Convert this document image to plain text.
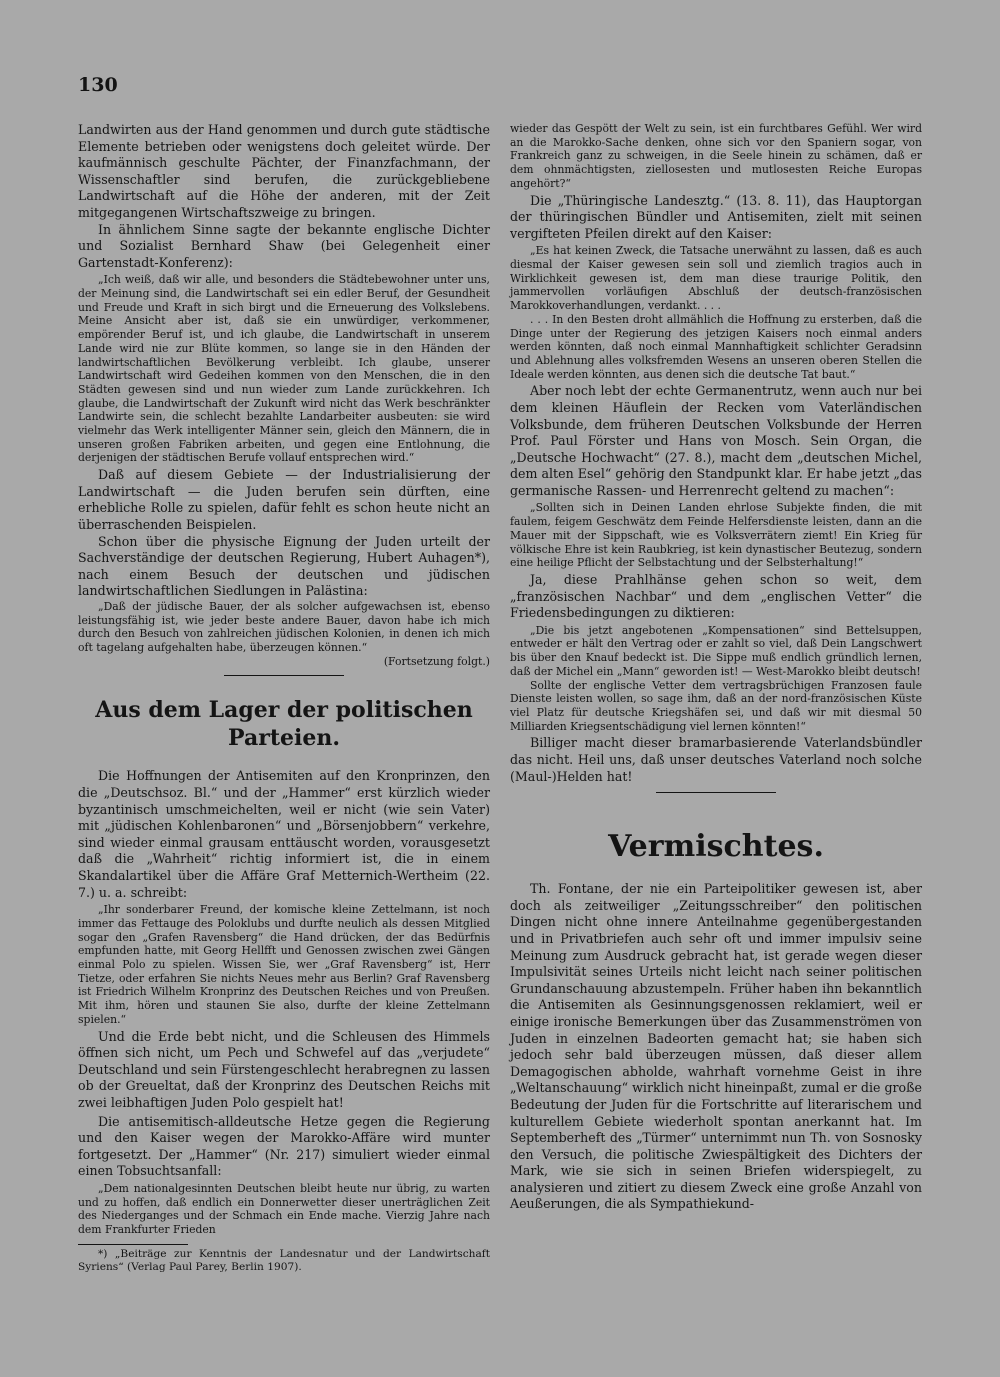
130

Landwirten aus der Hand genommen und durch gute städtische Elemente betrieben oder wenigstens doch geleitet würde. Der kaufmännisch geschulte Pächter, der Finanzfachmann, der Wissenschaftler sind berufen, die zurückgebliebene Landwirtschaft auf die Höhe der anderen, mit der Zeit mitgegangenen Wirtschaftszweige zu bringen.

In ähnlichem Sinne sagte der bekannte englische Dichter und Sozialist Bernhard Shaw (bei Gelegenheit einer Gartenstadt-Konferenz):

„Ich weiß, daß wir alle, und besonders die Städtebewohner unter uns, der Meinung sind, die Landwirtschaft sei ein edler Beruf, der Gesundheit und Freude und Kraft in sich birgt und die Erneuerung des Volkslebens. Meine Ansicht aber ist, daß sie ein unwürdiger, verkommener, empörender Beruf ist, und ich glaube, die Landwirtschaft in unserem Lande wird nie zur Blüte kommen, so lange sie in den Händen der landwirtschaftlichen Bevölkerung verbleibt. Ich glaube, unserer Landwirtschaft wird Gedeihen kommen von den Menschen, die in den Städten gewesen sind und nun wieder zum Lande zurückkehren. Ich glaube, die Landwirtschaft der Zukunft wird nicht das Werk beschränkter Landwirte sein, die schlecht bezahlte Landarbeiter ausbeuten: sie wird vielmehr das Werk intelligenter Männer sein, gleich den Männern, die in unseren großen Fabriken arbeiten, und gegen eine Entlohnung, die derjenigen der städtischen Berufe vollauf entsprechen wird.“

Daß auf diesem Gebiete — der Industrialisierung der Landwirtschaft — die Juden berufen sein dürften, eine erhebliche Rolle zu spielen, dafür fehlt es schon heute nicht an überraschenden Beispielen.

Schon über die physische Eignung der Juden urteilt der Sachverständige der deutschen Regierung, Hubert Auhagen*), nach einem Besuch der deutschen und jüdischen landwirtschaftlichen Siedlungen in Palästina:

„Daß der jüdische Bauer, der als solcher aufgewachsen ist, ebenso leistungsfähig ist, wie jeder beste andere Bauer, davon habe ich mich durch den Besuch von zahlreichen jüdischen Kolonien, in denen ich mich oft tagelang aufgehalten habe, überzeugen können.“

(Fortsetzung folgt.)

Aus dem Lager der politischen Parteien.

Die Hoffnungen der Antisemiten auf den Kronprinzen, den die „Deutschsoz. Bl.“ und der „Hammer“ erst kürzlich wieder byzantinisch umschmeichelten, weil er nicht (wie sein Vater) mit „jüdischen Kohlenbaronen“ und „Börsenjobbern“ verkehre, sind wieder einmal grausam enttäuscht worden, vorausgesetzt daß die „Wahrheit“ richtig informiert ist, die in einem Skandalartikel über die Affäre Graf Metternich-Wertheim (22. 7.) u. a. schreibt:

„Ihr sonderbarer Freund, der komische kleine Zettelmann, ist noch immer das Fettauge des Poloklubs und durfte neulich als dessen Mitglied sogar den „Grafen Ravensberg“ die Hand drücken, der das Bedürfnis empfunden hatte, mit Georg Hellfft und Genossen zwischen zwei Gängen einmal Polo zu spielen. Wissen Sie, wer „Graf Ravensberg“ ist, Herr Tietze, oder erfahren Sie nichts Neues mehr aus Berlin? Graf Ravensberg ist Friedrich Wilhelm Kronprinz des Deutschen Reiches und von Preußen. Mit ihm, hören und staunen Sie also, durfte der kleine Zettelmann spielen.“

Und die Erde bebt nicht, und die Schleusen des Himmels öffnen sich nicht, um Pech und Schwefel auf das „verjudete“ Deutschland und sein Fürstengeschlecht herabregnen zu lassen ob der Greueltat, daß der Kronprinz des Deutschen Reichs mit zwei leibhaftigen Juden Polo gespielt hat!

Die antisemitisch-alldeutsche Hetze gegen die Regierung und den Kaiser wegen der Marokko-Affäre wird munter fortgesetzt. Der „Hammer“ (Nr. 217) simuliert wieder einmal einen Tobsuchtsanfall:

„Dem nationalgesinnten Deutschen bleibt heute nur übrig, zu warten und zu hoffen, daß endlich ein Donnerwetter dieser unerträglichen Zeit des Niederganges und der Schmach ein Ende mache. Vierzig Jahre nach dem Frankfurter Frieden

*) „Beiträge zur Kenntnis der Landesnatur und der Landwirtschaft Syriens“ (Verlag Paul Parey, Berlin 1907).

wieder das Gespött der Welt zu sein, ist ein furchtbares Gefühl. Wer wird an die Marokko-Sache denken, ohne sich vor den Spaniern sogar, von Frankreich ganz zu schweigen, in die Seele hinein zu schämen, daß er dem ohnmächtigsten, ziellosesten und mutlosesten Reiche Europas angehört?“

Die „Thüringische Landesztg.“ (13. 8. 11), das Hauptorgan der thüringischen Bündler und Antisemiten, zielt mit seinen vergifteten Pfeilen direkt auf den Kaiser:

„Es hat keinen Zweck, die Tatsache unerwähnt zu lassen, daß es auch diesmal der Kaiser gewesen sein soll und ziemlich tragios auch in Wirklichkeit gewesen ist, dem man diese traurige Politik, den jammervollen vorläufigen Abschluß der deutsch-französischen Marokkoverhandlungen, verdankt. . . .

. . . In den Besten droht allmählich die Hoffnung zu ersterben, daß die Dinge unter der Regierung des jetzigen Kaisers noch einmal anders werden könnten, daß noch einmal Mannhaftigkeit schlichter Geradsinn und Ablehnung alles volksfremden Wesens an unseren oberen Stellen die Ideale werden könnten, aus denen sich die deutsche Tat baut.“

Aber noch lebt der echte Germanentrutz, wenn auch nur bei dem kleinen Häuflein der Recken vom Vaterländischen Volksbunde, dem früheren Deutschen Volksbunde der Herren Prof. Paul Förster und Hans von Mosch. Sein Organ, die „Deutsche Hochwacht“ (27. 8.), macht dem „deutschen Michel, dem alten Esel“ gehörig den Standpunkt klar. Er habe jetzt „das germanische Rassen- und Herrenrecht geltend zu machen“:

„Sollten sich in Deinen Landen ehrlose Subjekte finden, die mit faulem, feigem Geschwätz dem Feinde Helfersdienste leisten, dann an die Mauer mit der Sippschaft, wie es Volksverrätern ziemt! Ein Krieg für völkische Ehre ist kein Raubkrieg, ist kein dynastischer Beutezug, sondern eine heilige Pflicht der Selbstachtung und der Selbsterhaltung!“

Ja, diese Prahlhänse gehen schon so weit, dem „französischen Nachbar“ und dem „englischen Vetter“ die Friedensbedingungen zu diktieren:

„Die bis jetzt angebotenen „Kompensationen“ sind Bettelsuppen, entweder er hält den Vertrag oder er zahlt so viel, daß Dein Langschwert bis über den Knauf bedeckt ist. Die Sippe muß endlich gründlich lernen, daß der Michel ein „Mann“ geworden ist! — West-Marokko bleibt deutsch!

Sollte der englische Vetter dem vertragsbrüchigen Franzosen faule Dienste leisten wollen, so sage ihm, daß an der nord-französischen Küste viel Platz für deutsche Kriegshäfen sei, und daß wir mit diesmal 50 Milliarden Kriegsentschädigung viel lernen könnten!“

Billiger macht dieser bramarbasierende Vaterlandsbündler das nicht. Heil uns, daß unser deutsches Vaterland noch solche (Maul-)Helden hat!

Vermischtes.

Th. Fontane, der nie ein Parteipolitiker gewesen ist, aber doch als zeitweiliger „Zeitungsschreiber“ den politischen Dingen nicht ohne innere Anteilnahme gegenübergestanden und in Privatbriefen auch sehr oft und immer impulsiv seine Meinung zum Ausdruck gebracht hat, ist gerade wegen dieser Impulsivität seines Urteils nicht leicht nach seiner politischen Grundanschauung abzustempeln. Früher haben ihn bekanntlich die Antisemiten als Gesinnungsgenossen reklamiert, weil er einige ironische Bemerkungen über das Zusammenströmen von Juden in einzelnen Badeorten gemacht hat; sie haben sich jedoch sehr bald überzeugen müssen, daß dieser allem Demagogischen abholde, wahrhaft vornehme Geist in ihre „Weltanschauung“ wirklich nicht hineinpaßt, zumal er die große Bedeutung der Juden für die Fortschritte auf literarischem und kulturellem Gebiete wiederholt spontan anerkannt hat. Im Septemberheft des „Türmer“ unternimmt nun Th. von Sosnosky den Versuch, die politische Zwiespältigkeit des Dichters der Mark, wie sie sich in seinen Briefen widerspiegelt, zu analysieren und zitiert zu diesem Zweck eine große Anzahl von Aeußerungen, die als Sympathiekund-
